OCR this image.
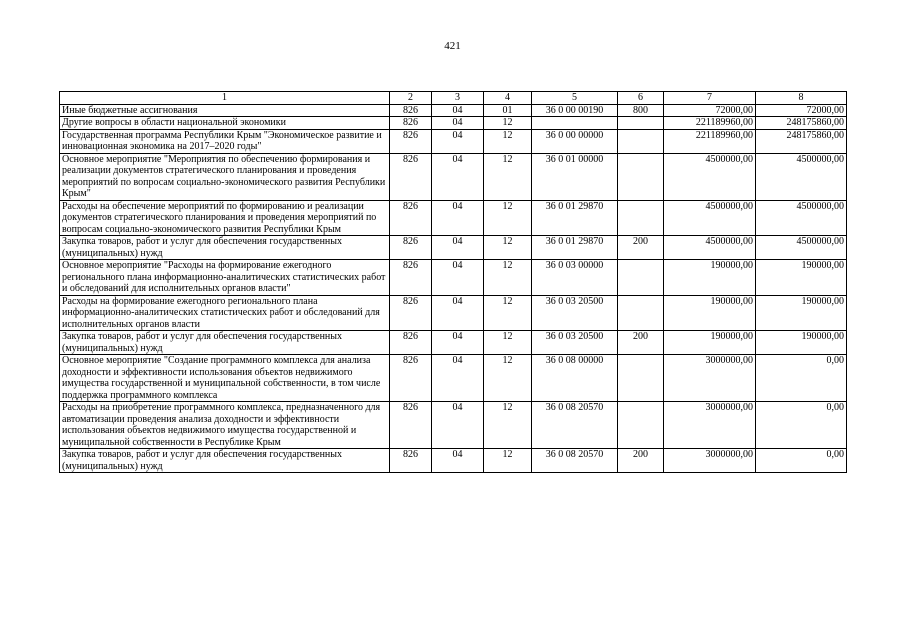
421
1	2	3	4	5	6	7	8
Иные бюджетные ассигнования	826	04	01	36 0 00 00190	800	72000,00	72000,00
Другие вопросы в области национальной экономики	826	04	12			221189960,00	248175860,00
Государственная программа Республики Крым "Экономическое развитие и инновационная экономика на 2017–2020 годы"	826	04	12	36 0 00 00000		221189960,00	248175860,00
Основное мероприятие "Мероприятия по обеспечению формирования и реализации документов стратегического планирования и проведения мероприятий по вопросам социально-экономического развития Республики Крым"	826	04	12	36 0 01 00000		4500000,00	4500000,00
Расходы на обеспечение мероприятий по формированию и реализации документов стратегического планирования и проведения мероприятий по вопросам социально-экономического развития Республики Крым	826	04	12	36 0 01 29870		4500000,00	4500000,00
Закупка товаров, работ и услуг для обеспечения государственных (муниципальных) нужд	826	04	12	36 0 01 29870	200	4500000,00	4500000,00
Основное мероприятие "Расходы на формирование ежегодного регионального плана информационно-аналитических статистических работ и обследований для исполнительных органов власти"	826	04	12	36 0 03 00000		190000,00	190000,00
Расходы на формирование ежегодного регионального плана информационно-аналитических статистических работ и обследований для исполнительных органов власти	826	04	12	36 0 03 20500		190000,00	190000,00
Закупка товаров, работ и услуг для обеспечения государственных (муниципальных) нужд	826	04	12	36 0 03 20500	200	190000,00	190000,00
Основное мероприятие "Создание программного комплекса для анализа доходности и эффективности использования объектов недвижимого имущества государственной и муниципальной собственности, в том числе поддержка программного комплекса	826	04	12	36 0 08 00000		3000000,00	0,00
Расходы на приобретение программного комплекса, предназначенного для автоматизации проведения анализа доходности и эффективности использования объектов недвижимого имущества государственной и муниципальной собственности в Республике Крым	826	04	12	36 0 08 20570		3000000,00	0,00
Закупка товаров, работ и услуг для обеспечения государственных (муниципальных) нужд	826	04	12	36 0 08 20570	200	3000000,00	0,00
